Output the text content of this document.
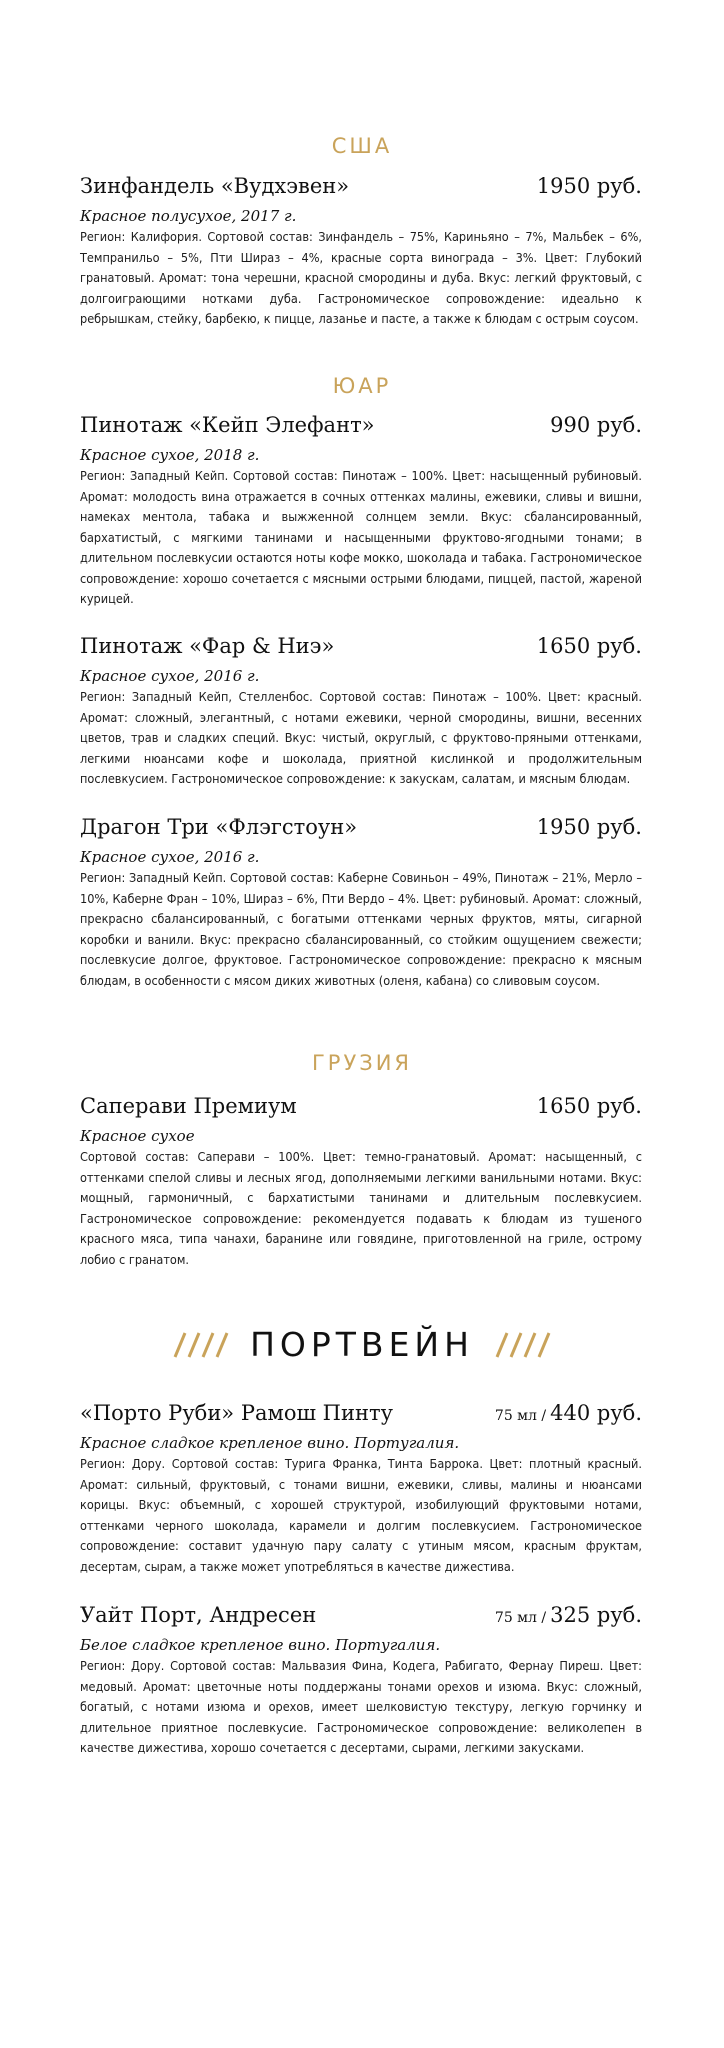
США
Зинфандель «Вудхэвен»	1950 руб.
Красное полусухое, 2017 г.
Регион: Калифория. Сортовой состав: Зинфандель – 75%, Кариньяно – 7%, Мальбек – 6%, Темпранильо – 5%, Пти Шираз – 4%, красные сорта винограда – 3%. Цвет: Глубокий гранатовый. Аромат: тона черешни, красной смородины и дуба. Вкус: легкий фруктовый, с долгоиграющими нотками дуба. Гастрономическое сопровождение: идеально к ребрышкам, стейку, барбекю, к пицце, лазанье и пасте, а также к блюдам с острым соусом.
ЮАР
Пинотаж «Кейп Элефант»	990 руб.
Красное сухое, 2018 г.
Регион: Западный Кейп. Сортовой состав: Пинотаж – 100%. Цвет: насыщенный рубиновый. Аромат: молодость вина отражается в сочных оттенках малины, ежевики, сливы и вишни, намеках ментола, табака и выжженной солнцем земли. Вкус: сбалансированный, бархатистый, с мягкими танинами и насыщенными фруктово-ягодными тонами; в длительном послевкусии остаются ноты кофе мокко, шоколада и табака. Гастрономическое сопровождение: хорошо сочетается с мясными острыми блюдами, пиццей, пастой, жареной курицей.
Пинотаж «Фар & Ниэ»	1650 руб.
Красное сухое, 2016 г.
Регион: Западный Кейп, Стелленбос. Сортовой состав: Пинотаж – 100%. Цвет: красный. Аромат: сложный, элегантный, с нотами ежевики, черной смородины, вишни, весенних цветов, трав и сладких специй. Вкус: чистый, округлый, с фруктово-пряными оттенками, легкими нюансами кофе и шоколада, приятной кислинкой и продолжительным послевкусием. Гастрономическое сопровождение: к закускам, салатам, и мясным блюдам.
Драгон Три «Флэгстоун»	1950 руб.
Красное сухое, 2016 г.
Регион: Западный Кейп. Сортовой состав: Каберне Совиньон – 49%, Пинотаж – 21%, Мерло – 10%, Каберне Фран – 10%, Шираз – 6%, Пти Вердо – 4%. Цвет: рубиновый. Аромат: сложный, прекрасно сбалансированный, с богатыми оттенками черных фруктов, мяты, сигарной коробки и ванили. Вкус: прекрасно сбалансированный, со стойким ощущением свежести; послевкусие долгое, фруктовое. Гастрономическое сопровождение: прекрасно к мясным блюдам, в особенности с мясом диких животных (оленя, кабана) со сливовым соусом.
ГРУЗИЯ
Саперави Премиум	1650 руб.
Красное сухое
Сортовой состав: Саперави – 100%. Цвет: темно-гранатовый. Аромат: насыщенный, с оттенками спелой сливы и лесных ягод, дополняемыми легкими ванильными нотами. Вкус: мощный, гармоничный, с бархатистыми танинами и длительным послевкусием. Гастрономическое сопровождение: рекомендуется подавать к блюдам из тушеного красного мяса, типа чанахи, баранине или говядине, приготовленной на гриле, острому лобио с гранатом.
ПОРТВЕЙН
«Порто Руби» Рамош Пинту	75 мл / 440 руб.
Красное сладкое крепленое вино. Португалия.
Регион: Дору. Сортовой состав: Турига Франка, Тинта Баррока. Цвет: плотный красный. Аромат: сильный, фруктовый, с тонами вишни, ежевики, сливы, малины и нюансами корицы. Вкус: объемный, с хорошей структурой, изобилующий фруктовыми нотами, оттенками черного шоколада, карамели и долгим послевкусием. Гастрономическое сопровождение: составит удачную пару салату с утиным мясом, красным фруктам, десертам, сырам, а также может употребляться в качестве дижестива.
Уайт Порт, Андресен	75 мл / 325 руб.
Белое сладкое крепленое вино. Португалия.
Регион: Дору. Сортовой состав: Мальвазия Фина, Кодега, Рабигато, Фернау Пиреш. Цвет: медовый. Аромат: цветочные ноты поддержаны тонами орехов и изюма. Вкус: сложный, богатый, с нотами изюма и орехов, имеет шелковистую текстуру, легкую горчинку и длительное приятное послевкусие. Гастрономическое сопровождение: великолепен в качестве дижестива, хорошо сочетается с десертами, сырами, легкими закусками.
